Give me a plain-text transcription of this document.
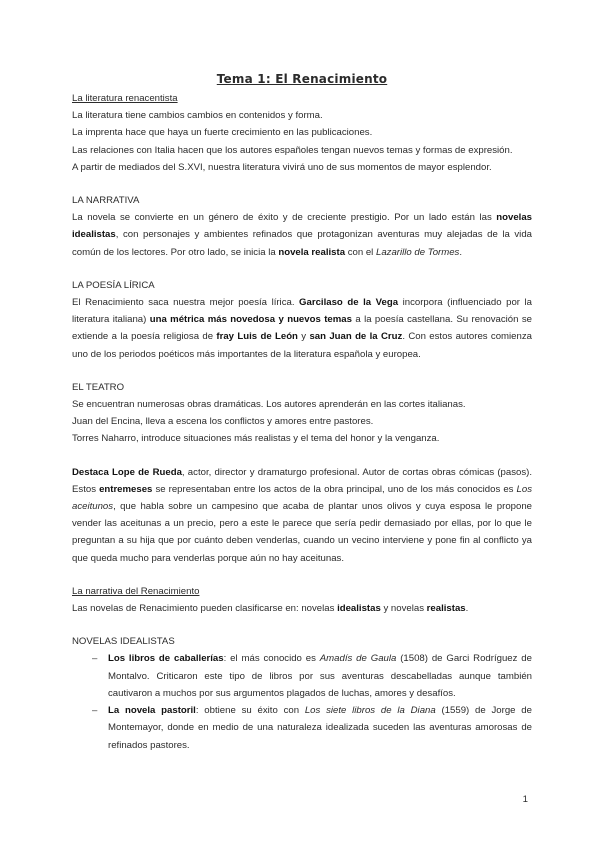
Tema 1: El Renacimiento
La literatura renacentista
La literatura tiene cambios cambios en contenidos y forma.
La imprenta hace que haya un fuerte crecimiento en las publicaciones.
Las relaciones con Italia hacen que los autores españoles tengan nuevos temas y formas de expresión.
A partir de mediados del S.XVI, nuestra literatura vivirá uno de sus momentos de mayor esplendor.
LA NARRATIVA

La novela se convierte en un género de éxito y de creciente prestigio. Por un lado están las novelas idealistas, con personajes y ambientes refinados que protagonizan aventuras muy alejadas de la vida común de los lectores. Por otro lado, se inicia la novela realista con el Lazarillo de Tormes.

LA POESÍA LÍRICA

El Renacimiento saca nuestra mejor poesía lírica. Garcilaso de la Vega incorpora (influenciado por la literatura italiana) una métrica más novedosa y nuevos temas a la poesía castellana. Su renovación se extiende a la poesía religiosa de fray Luis de León y san Juan de la Cruz. Con estos autores comienza uno de los periodos poéticos más importantes de la literatura española y europea.

EL TEATRO
Se encuentran numerosas obras dramáticas. Los autores aprenderán en las cortes italianas.
Juan del Encina, lleva a escena los conflictos y amores entre pastores.
Torres Naharro, introduce situaciones más realistas y el tema del honor y la venganza.

Destaca Lope de Rueda, actor, director y dramaturgo profesional. Autor de cortas obras cómicas (pasos). Estos entremeses se representaban entre los actos de la obra principal, uno de los más conocidos es Los aceitunos, que habla sobre un campesino que acaba de plantar unos olivos y cuya esposa le propone vender las aceitunas a un precio, pero a este le parece que sería pedir demasiado por ellas, por lo que le preguntan a su hija que por cuánto deben venderlas, cuando un vecino interviene y pone fin al conflicto ya que queda mucho para venderlas porque aún no hay aceitunas.

La narrativa del Renacimiento

Las novelas de Renacimiento pueden clasificarse en: novelas idealistas y novelas realistas.

NOVELAS IDEALISTAS
– Los libros de caballerías: el más conocido es Amadís de Gaula (1508) de Garci Rodríguez de Montalvo. Criticaron este tipo de libros por sus aventuras descabelladas aunque también cautivaron a muchos por sus argumentos plagados de luchas, amores y desafíos.
– La novela pastoril: obtiene su éxito con Los siete libros de la Diana (1559) de Jorge de Montemayor, donde en medio de una naturaleza idealizada suceden las aventuras amorosas de refinados pastores.
1
